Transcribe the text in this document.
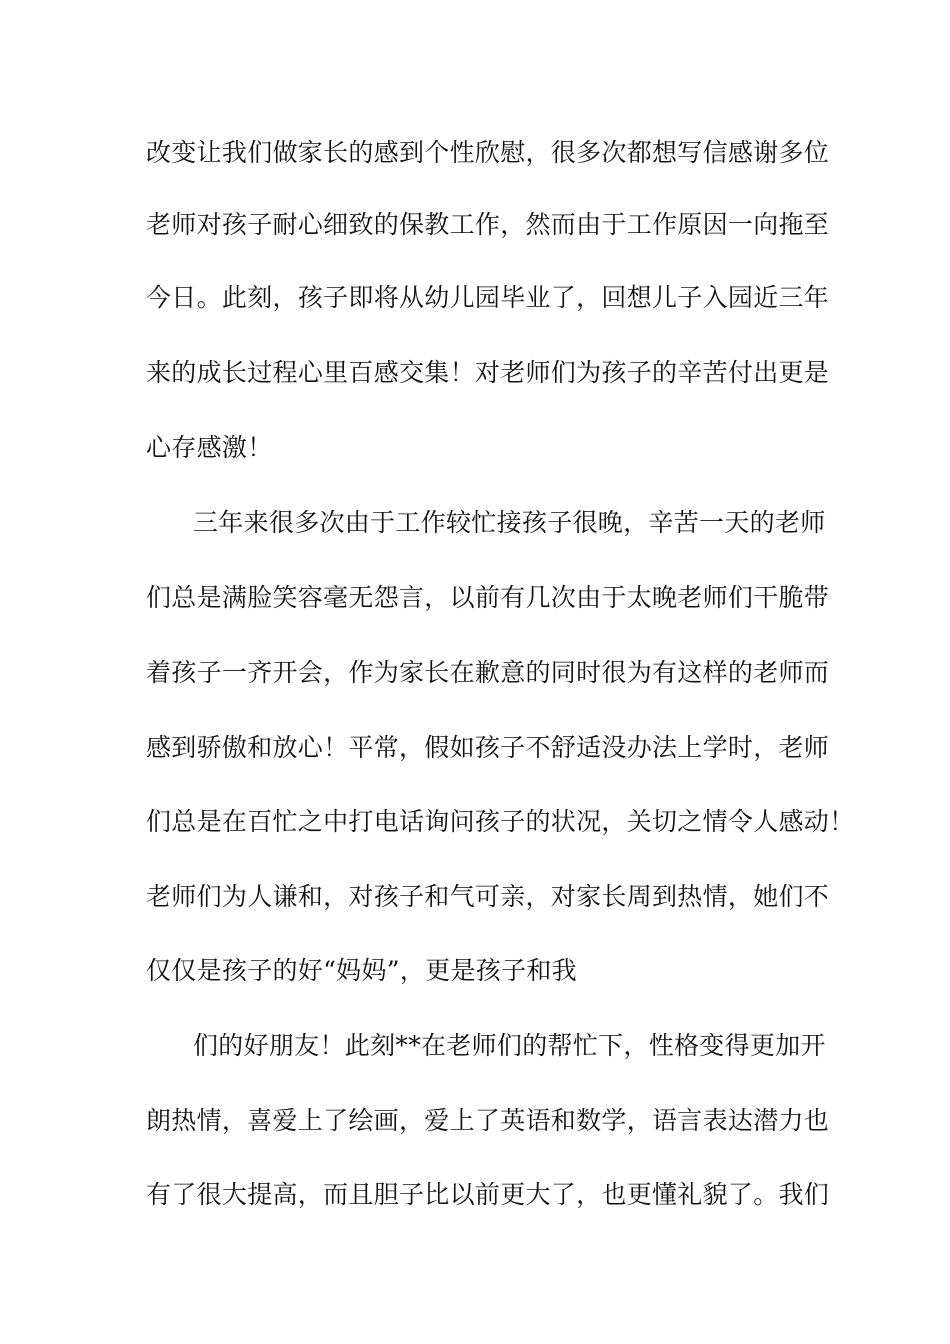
改变让我们做家长的感到个性欣慰，很多次都想写信感谢多位
老师对孩子耐心细致的保教工作，然而由于工作原因一向拖至
今日。此刻，孩子即将从幼儿园毕业了，回想儿子入园近三年
来的成长过程心里百感交集！对老师们为孩子的辛苦付出更是
心存感激！
三年来很多次由于工作较忙接孩子很晚，辛苦一天的老师
们总是满脸笑容毫无怨言，以前有几次由于太晚老师们干脆带
着孩子一齐开会，作为家长在歉意的同时很为有这样的老师而
感到骄傲和放心！平常，假如孩子不舒适没办法上学时，老师
们总是在百忙之中打电话询问孩子的状况，关切之情令人感动！
老师们为人谦和，对孩子和气可亲，对家长周到热情，她们不
仅仅是孩子的好“妈妈”，更是孩子和我
们的好朋友！此刻**在老师们的帮忙下，性格变得更加开
朗热情，喜爱上了绘画，爱上了英语和数学，语言表达潜力也
有了很大提高，而且胆子比以前更大了，也更懂礼貌了。我们
